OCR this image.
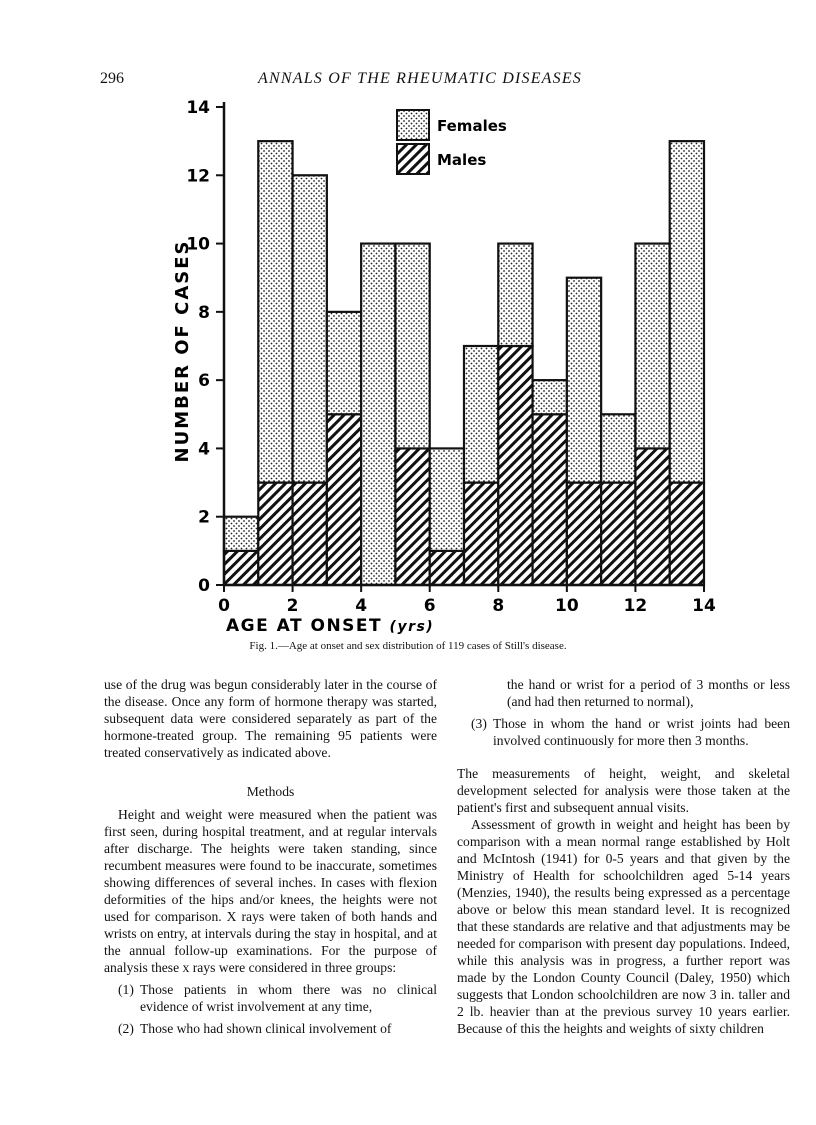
296	ANNALS OF THE RHEUMATIC DISEASES
0
2
4
6
8
10
12
14
0	2	4	6	8	10	12	14
AGE AT ONSET (yrs)
NUMBER OF CASES
Females
Males
Fig. 1.—Age at onset and sex distribution of 119 cases of Still's disease.

use of the drug was begun considerably later in the course of the disease. Once any form of hormone therapy was started, subsequent data were considered separately as part of the hormone-treated group. The remaining 95 patients were treated conservatively as indicated above.

Methods

Height and weight were measured when the patient was first seen, during hospital treatment, and at regular intervals after discharge. The heights were taken standing, since recumbent measures were found to be inaccurate, sometimes showing differences of several inches. In cases with flexion deformities of the hips and/or knees, the heights were not used for comparison. X rays were taken of both hands and wrists on entry, at intervals during the stay in hospital, and at the annual follow-up examinations. For the purpose of analysis these x rays were considered in three groups:

(1) Those patients in whom there was no clinical evidence of wrist involvement at any time,
(2) Those who had shown clinical involvement of

the hand or wrist for a period of 3 months or less (and had then returned to normal),

(3) Those in whom the hand or wrist joints had been involved continuously for more then 3 months.

The measurements of height, weight, and skeletal development selected for analysis were those taken at the patient's first and subsequent annual visits.

Assessment of growth in weight and height has been by comparison with a mean normal range established by Holt and McIntosh (1941) for 0-5 years and that given by the Ministry of Health for schoolchildren aged 5-14 years (Menzies, 1940), the results being expressed as a percentage above or below this mean standard level. It is recognized that these standards are relative and that adjustments may be needed for comparison with present day populations. Indeed, while this analysis was in progress, a further report was made by the London County Council (Daley, 1950) which suggests that London schoolchildren are now 3 in. taller and 2 lb. heavier than at the previous survey 10 years earlier. Because of this the heights and weights of sixty children
